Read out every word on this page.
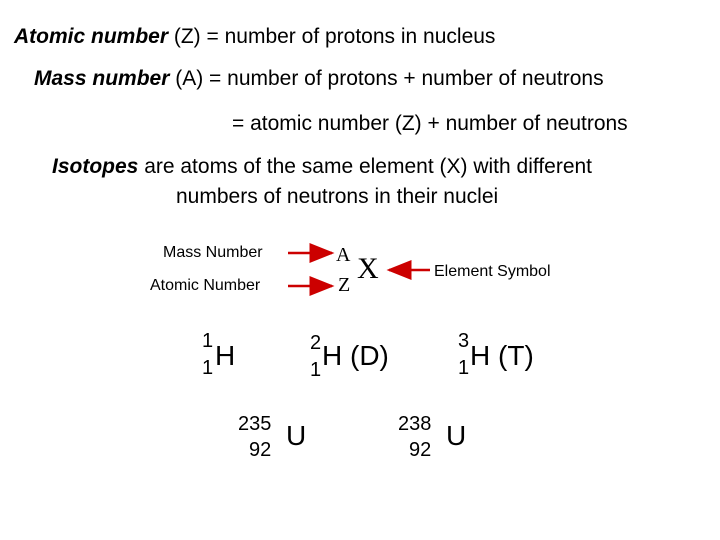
Atomic number (Z) = number of protons in nucleus
Mass number (A) = number of protons + number of neutrons
= atomic number (Z) + number of neutrons
Isotopes are atoms of the same element (X) with different
numbers of neutrons in their nuclei
Mass Number
Atomic Number
Element Symbol
A
Z X
1
1 H	2
1 H (D)	3
1 H (T)
235
92 U	238
92 U
